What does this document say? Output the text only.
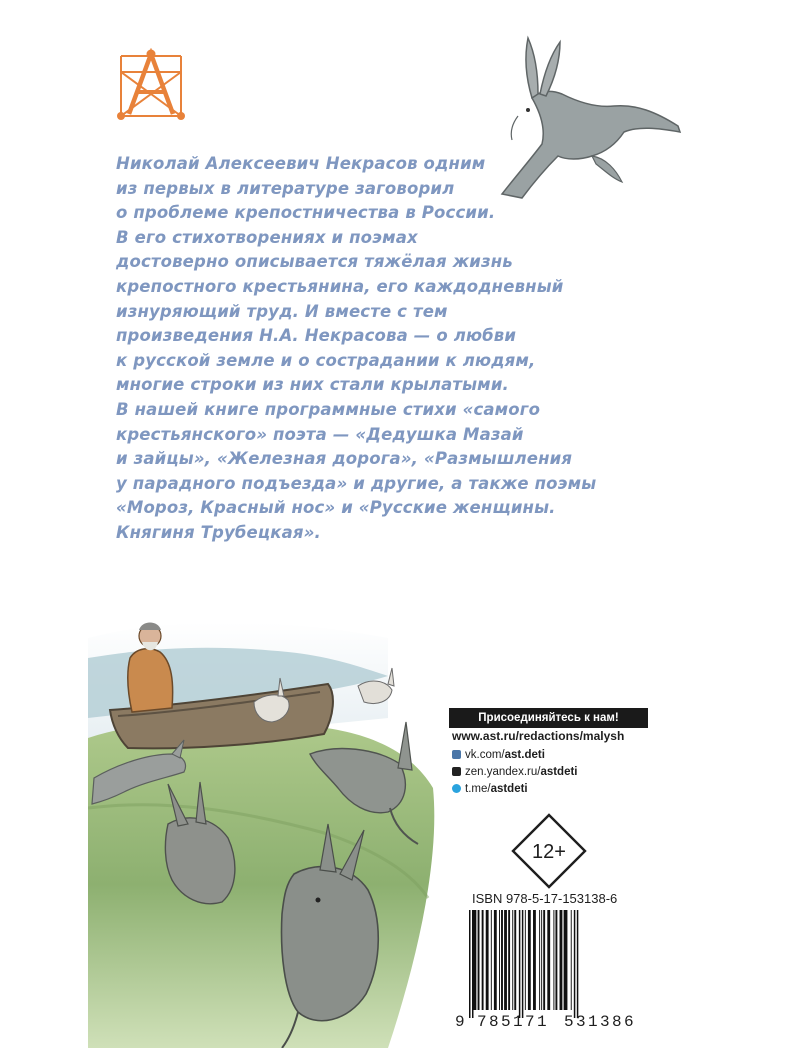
Николай Алексеевич Некрасов одним
из первых в литературе заговорил
о проблеме крепостничества в России.
В его стихотворениях и поэмах
достоверно описывается тяжёлая жизнь
крепостного крестьянина, его каждодневный
изнуряющий труд. И вместе с тем
произведения Н.А. Некрасова — о любви
к русской земле и о сострадании к людям,
многие строки из них стали крылатыми.
В нашей книге программные стихи «самого
крестьянского» поэта — «Дедушка Мазай
и зайцы», «Железная дорога», «Размышления
у парадного подъезда» и другие, а также поэмы
«Мороз, Красный нос» и «Русские женщины.
Княгиня Трубецкая».

Присоединяйтесь к нам!
www.ast.ru/redactions/malysh
vk.com/ast.deti
zen.yandex.ru/astdeti
t.me/astdeti
12+
ISBN 978-5-17-153138-6
9 785171 531386
